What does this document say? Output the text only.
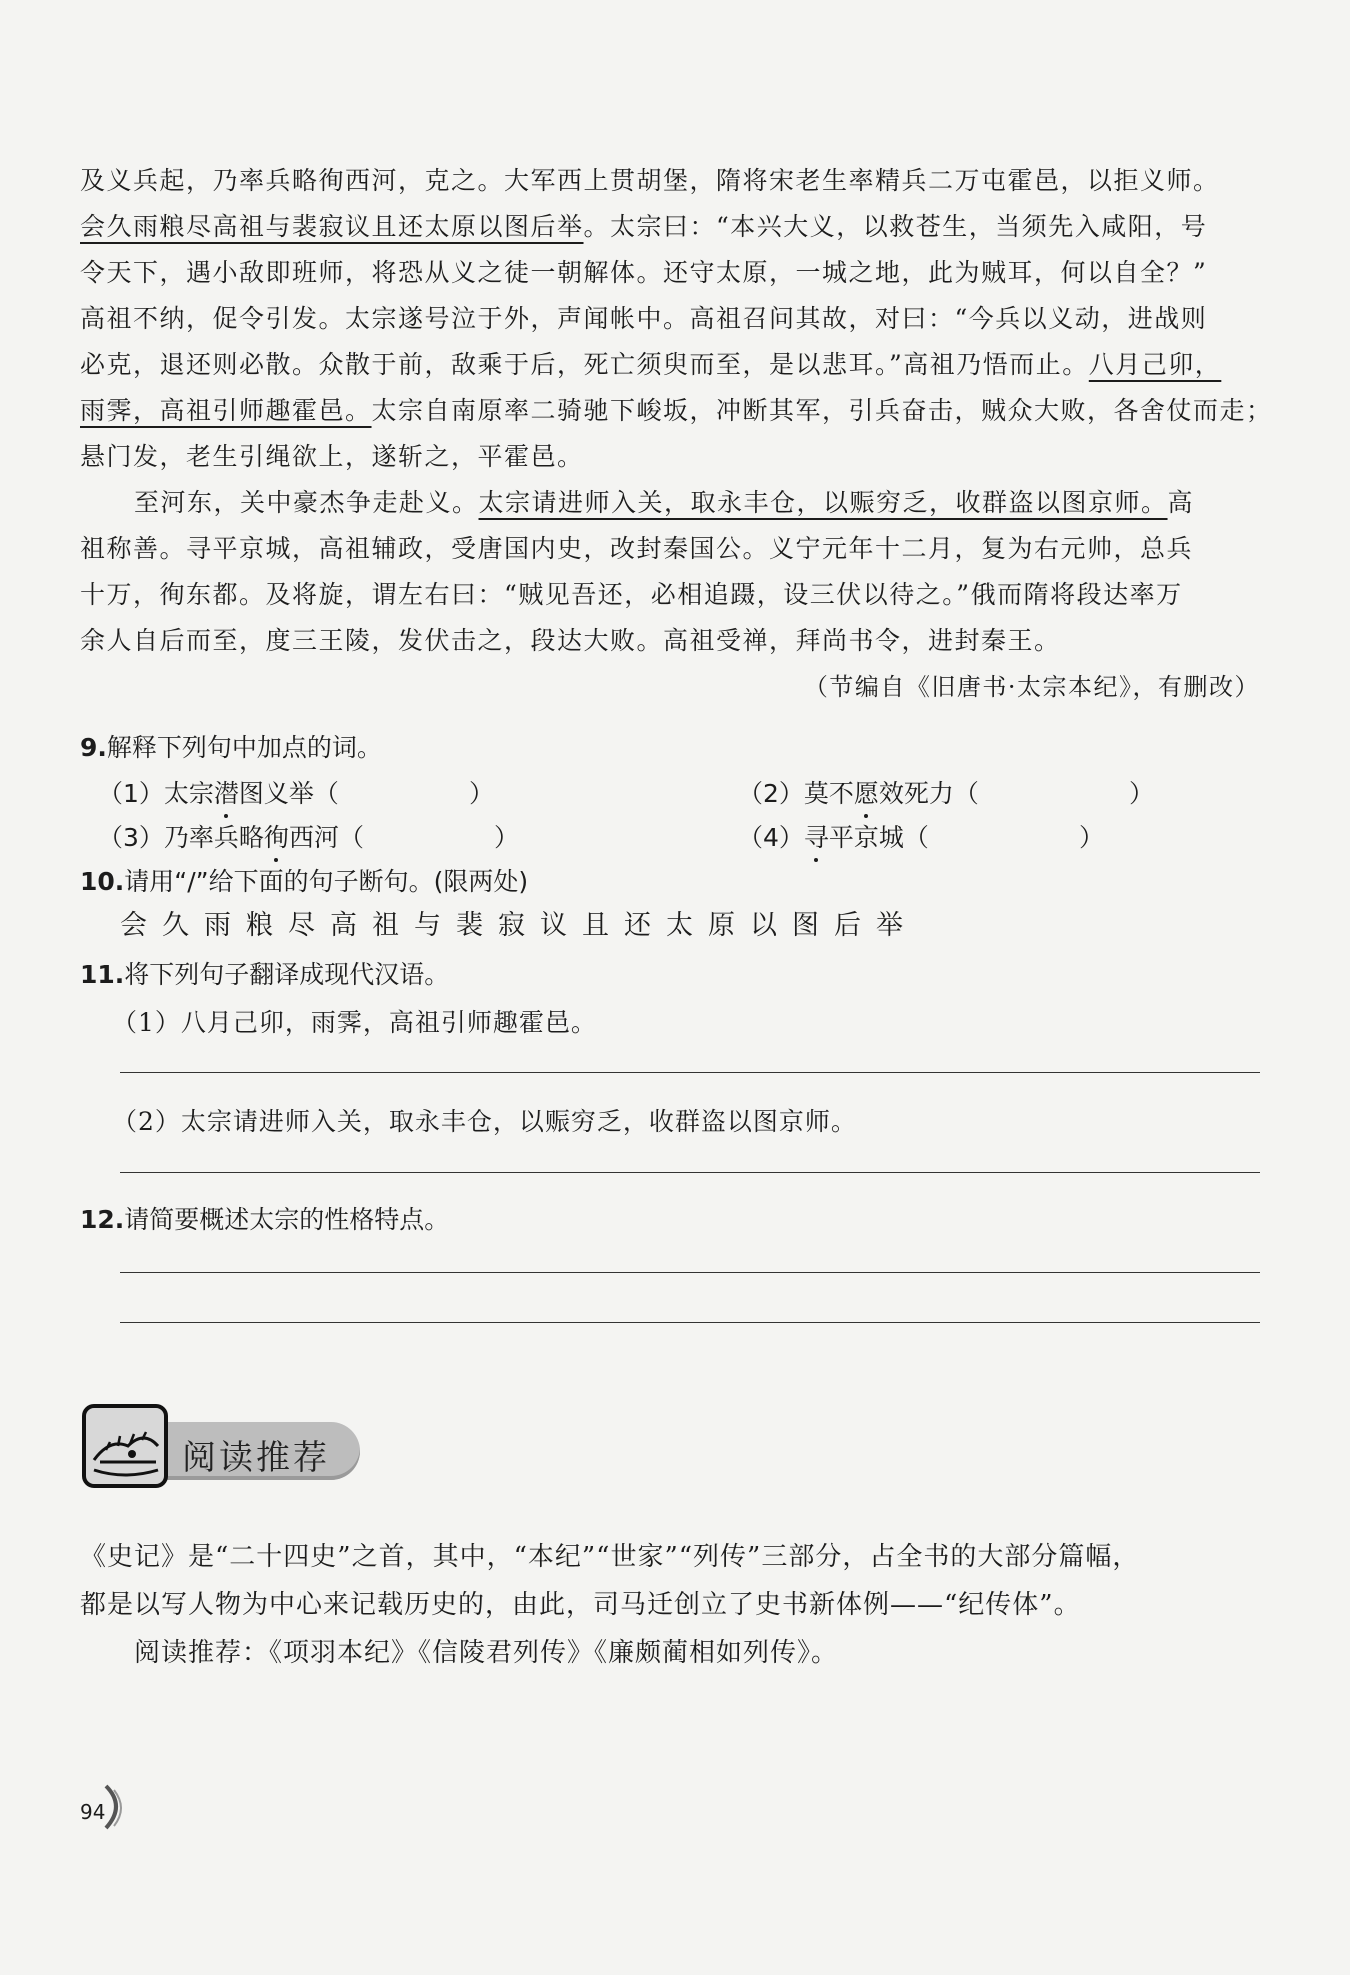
及义兵起，乃率兵略徇西河，克之。大军西上贯胡堡，隋将宋老生率精兵二万屯霍邑，以拒义师。
会久雨粮尽高祖与裴寂议且还太原以图后举。太宗曰：“本兴大义，以救苍生，当须先入咸阳，号
令天下，遇小敌即班师，将恐从义之徒一朝解体。还守太原，一城之地，此为贼耳，何以自全？”
高祖不纳，促令引发。太宗遂号泣于外，声闻帐中。高祖召问其故，对曰：“今兵以义动，进战则
必克，退还则必散。众散于前，敌乘于后，死亡须臾而至，是以悲耳。”高祖乃悟而止。八月己卯，
雨霁，高祖引师趣霍邑。太宗自南原率二骑驰下峻坂，冲断其军，引兵奋击，贼众大败，各舍仗而走；
悬门发，老生引绳欲上，遂斩之，平霍邑。
至河东，关中豪杰争走赴义。太宗请进师入关，取永丰仓，以赈穷乏，收群盗以图京师。高
祖称善。寻平京城，高祖辅政，受唐国内史，改封秦国公。义宁元年十二月，复为右元帅，总兵
十万，徇东都。及将旋，谓左右曰：“贼见吾还，必相追蹑，设三伏以待之。”俄而隋将段达率万
余人自后而至，度三王陵，发伏击之，段达大败。高祖受禅，拜尚书令，进封秦王。
（节编自《旧唐书·太宗本纪》，有删改）
9.解释下列句中加点的词。
（1）太宗潜图义举（	）	（2）莫不愿效死力（	）
（3）乃率兵略徇西河（	）	（4）寻平京城（	）
10.请用“/”给下面的句子断句。(限两处)
会久雨粮尽高祖与裴寂议且还太原以图后举
11.将下列句子翻译成现代汉语。
（1）八月己卯，雨霁，高祖引师趣霍邑。
（2）太宗请进师入关，取永丰仓，以赈穷乏，收群盗以图京师。
12.请简要概述太宗的性格特点。
阅读推荐
《史记》是“二十四史”之首，其中，“本纪”“世家”“列传”三部分，占全书的大部分篇幅，
都是以写人物为中心来记载历史的，由此，司马迁创立了史书新体例——“纪传体”。
阅读推荐：《项羽本纪》《信陵君列传》《廉颇蔺相如列传》。
94
